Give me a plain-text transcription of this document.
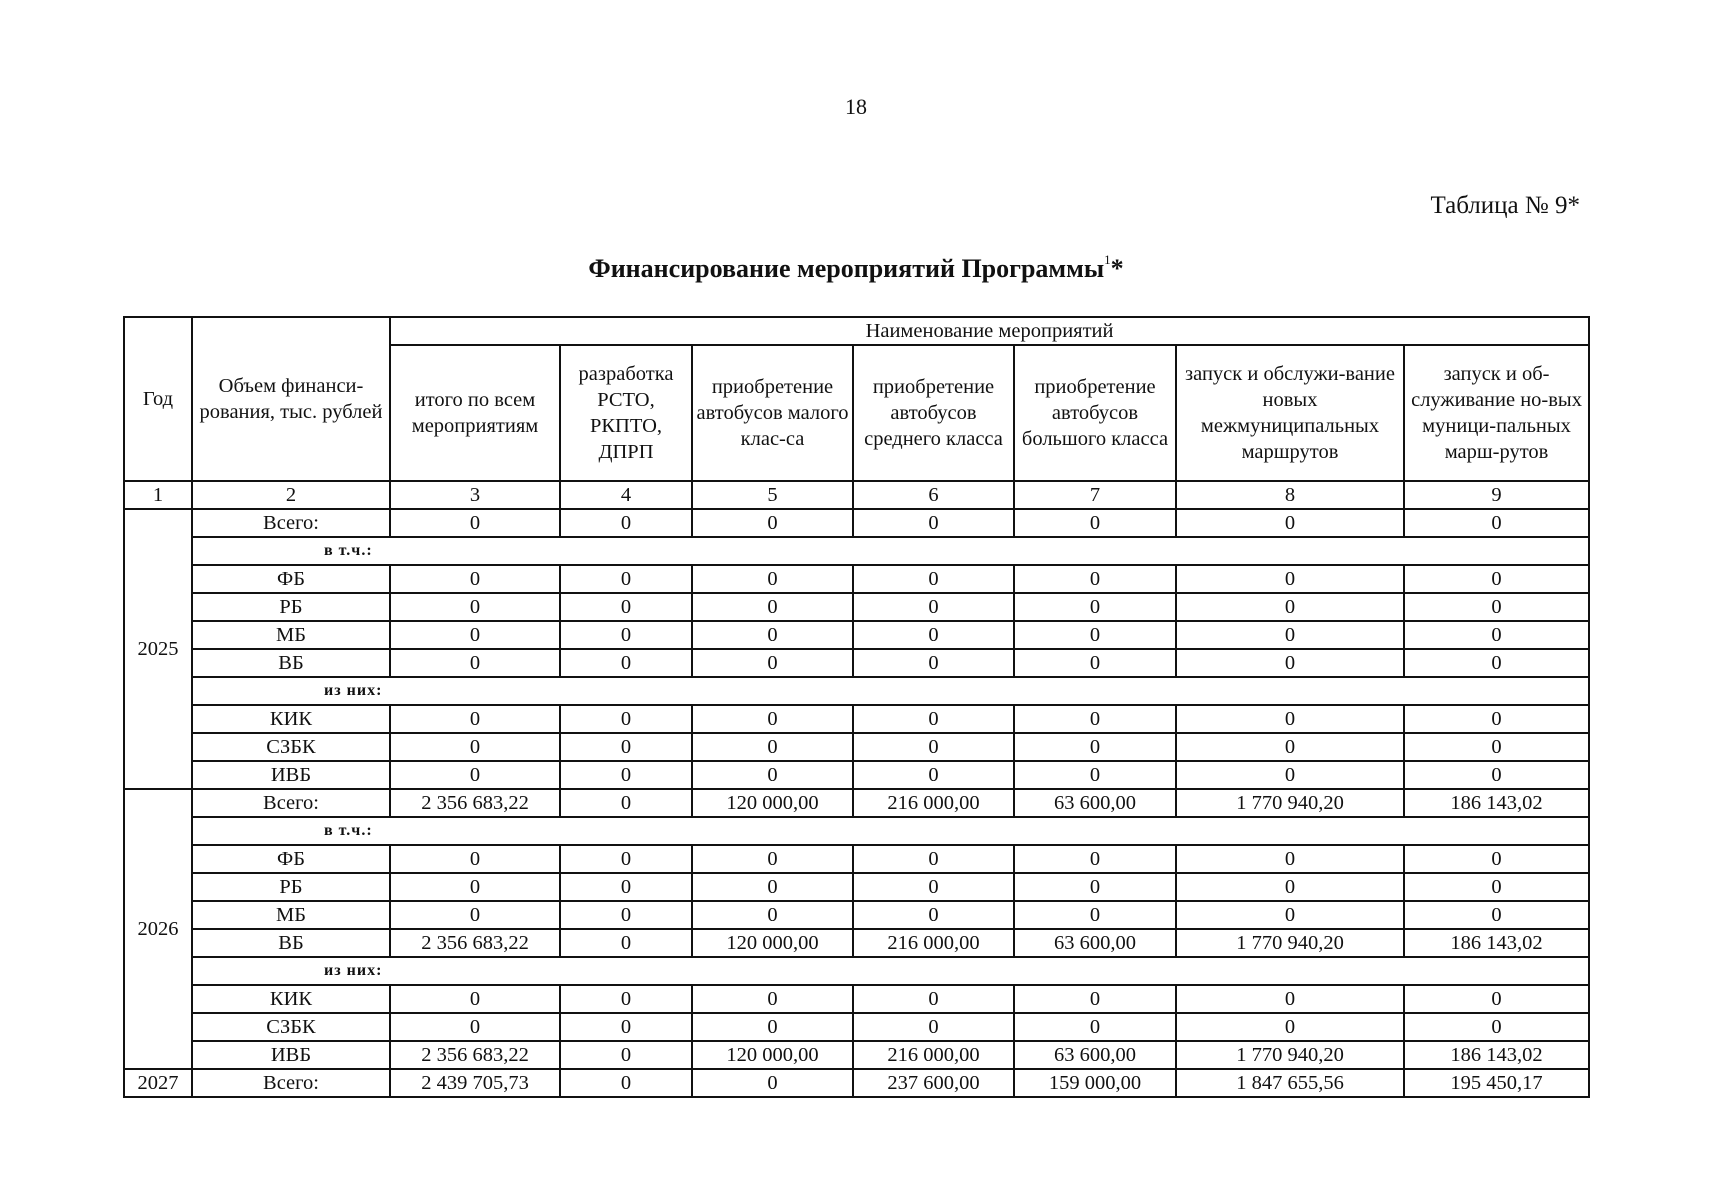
18
Таблица № 9*
Финансирование мероприятий Программы$^1$*
Год	Объем финанси-рования, тыс. рублей	Наименование мероприятий						
		итого по всем мероприятиям	разработка РСТО, РКПТО, ДПРП	приобретение автобусов малого клас-са	приобретение автобусов среднего класса	приобретение автобусов большого класса	запуск и обслужи-вание новых межмуниципальных маршрутов	запуск и об-служивание но-вых муници-пальных марш-рутов
1	2	3	4	5	6	7	8	9
2025	Всего:	0	0	0	0	0	0	0
	в т.ч.:							
	ФБ	0	0	0	0	0	0	0
	РБ	0	0	0	0	0	0	0
	МБ	0	0	0	0	0	0	0
	ВБ	0	0	0	0	0	0	0
	из них:							
	КИК	0	0	0	0	0	0	0
	СЗБК	0	0	0	0	0	0	0
	ИВБ	0	0	0	0	0	0	0
2026	Всего:	2 356 683,22	0	120 000,00	216 000,00	63 600,00	1 770 940,20	186 143,02
	в т.ч.:							
	ФБ	0	0	0	0	0	0	0
	РБ	0	0	0	0	0	0	0
	МБ	0	0	0	0	0	0	0
	ВБ	2 356 683,22	0	120 000,00	216 000,00	63 600,00	1 770 940,20	186 143,02
	из них:							
	КИК	0	0	0	0	0	0	0
	СЗБК	0	0	0	0	0	0	0
	ИВБ	2 356 683,22	0	120 000,00	216 000,00	63 600,00	1 770 940,20	186 143,02
2027	Всего:	2 439 705,73	0	0	237 600,00	159 000,00	1 847 655,56	195 450,17
